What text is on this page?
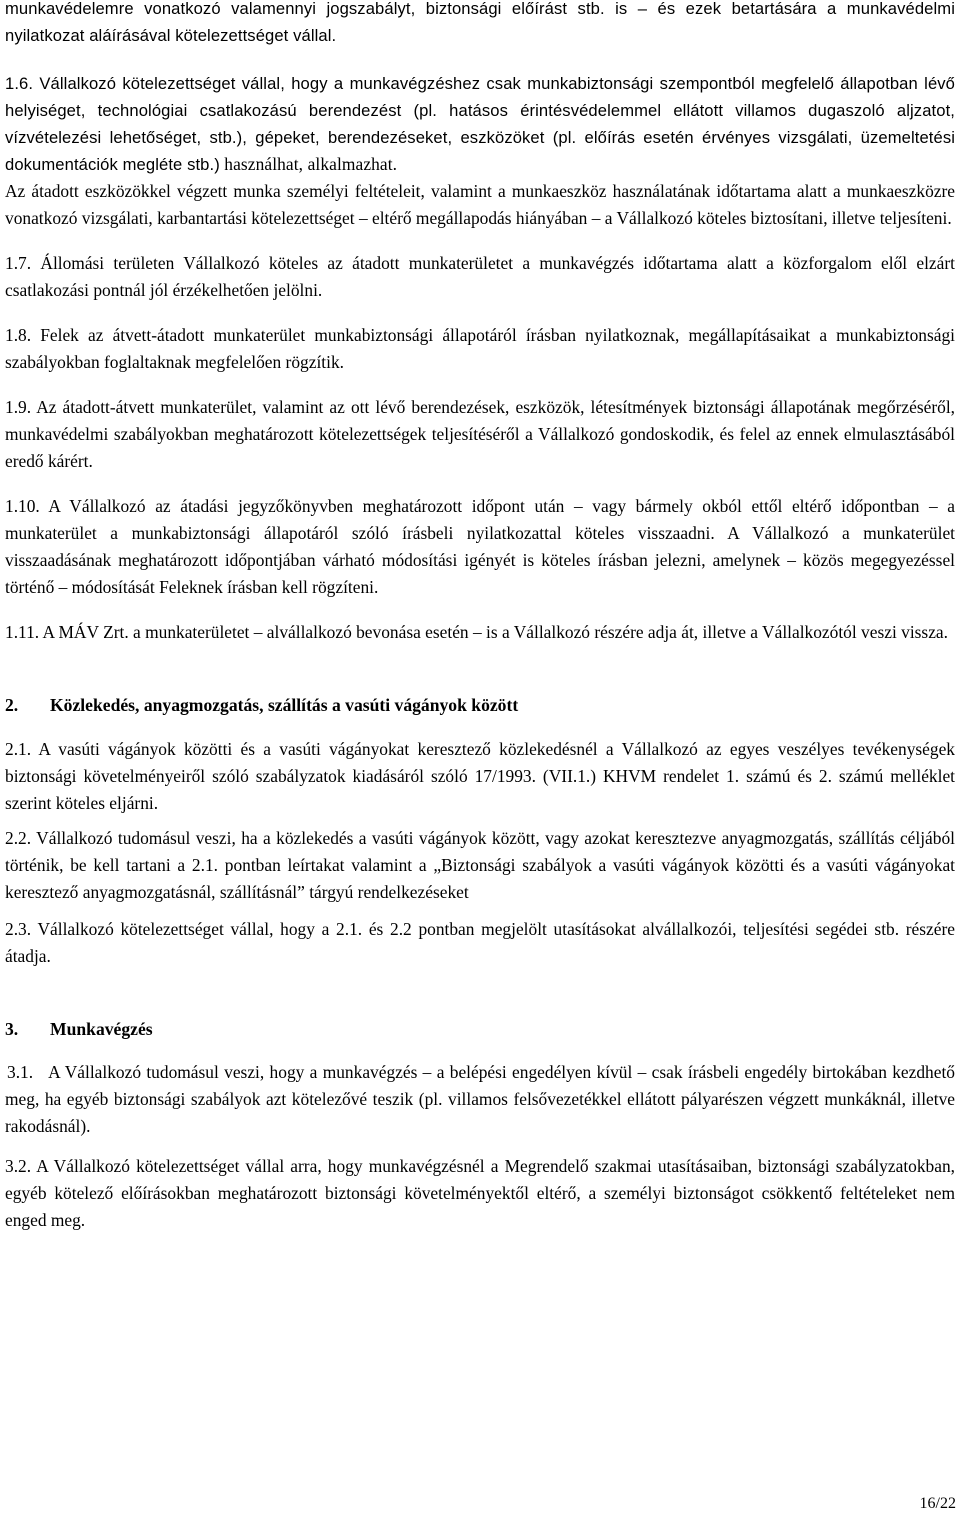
munkavédelemre vonatkozó valamennyi jogszabályt, biztonsági előírást stb. is – és ezek betartására a munkavédelmi nyilatkozat aláírásával kötelezettséget vállal.

1.6. Vállalkozó kötelezettséget vállal, hogy a munkavégzéshez csak munkabiztonsági szempontból megfelelő állapotban lévő helyiséget, technológiai csatlakozású berendezést (pl. hatásos érintésvédelemmel ellátott villamos dugaszoló aljzatot, vízvételezési lehetőséget, stb.), gépeket, berendezéseket, eszközöket (pl. előírás esetén érvényes vizsgálati, üzemeltetési dokumentációk megléte stb.) használhat, alkalmazhat.

Az átadott eszközökkel végzett munka személyi feltételeit, valamint a munkaeszköz használatának időtartama alatt a munkaeszközre vonatkozó vizsgálati, karbantartási kötelezettséget – eltérő megállapodás hiányában – a Vállalkozó köteles biztosítani, illetve teljesíteni.

1.7. Állomási területen Vállalkozó köteles az átadott munkaterületet a munkavégzés időtartama alatt a közforgalom elől elzárt csatlakozási pontnál jól érzékelhetően jelölni.

1.8. Felek az átvett-átadott munkaterület munkabiztonsági állapotáról írásban nyilatkoznak, megállapításaikat a munkabiztonsági szabályokban foglaltaknak megfelelően rögzítik.

1.9. Az átadott-átvett munkaterület, valamint az ott lévő berendezések, eszközök, létesítmények biztonsági állapotának megőrzéséről, munkavédelmi szabályokban meghatározott kötelezettségek teljesítéséről a Vállalkozó gondoskodik, és felel az ennek elmulasztásából eredő kárért.

1.10. A Vállalkozó az átadási jegyzőkönyvben meghatározott időpont után – vagy bármely okból ettől eltérő időpontban – a munkaterület a munkabiztonsági állapotáról szóló írásbeli nyilatkozattal köteles visszaadni. A Vállalkozó a munkaterület visszaadásának meghatározott időpontjában várható módosítási igényét is köteles írásban jelezni, amelynek – közös megegyezéssel történő – módosítását Feleknek írásban kell rögzíteni.

1.11. A MÁV Zrt. a munkaterületet – alvállalkozó bevonása esetén – is a Vállalkozó részére adja át, illetve a Vállalkozótól veszi vissza.

2. Közlekedés, anyagmozgatás, szállítás a vasúti vágányok között

2.1. A vasúti vágányok közötti és a vasúti vágányokat keresztező közlekedésnél a Vállalkozó az egyes veszélyes tevékenységek biztonsági követelményeiről szóló szabályzatok kiadásáról szóló 17/1993. (VII.1.) KHVM rendelet 1. számú és 2. számú melléklet szerint köteles eljárni.

2.2. Vállalkozó tudomásul veszi, ha a közlekedés a vasúti vágányok között, vagy azokat keresztezve anyagmozgatás, szállítás céljából történik, be kell tartani a 2.1. pontban leírtakat valamint a „Biztonsági szabályok a vasúti vágányok közötti és a vasúti vágányokat keresztező anyagmozgatásnál, szállításnál” tárgyú rendelkezéseket

2.3. Vállalkozó kötelezettséget vállal, hogy a 2.1. és 2.2 pontban megjelölt utasításokat alvállalkozói, teljesítési segédei stb. részére átadja.

3. Munkavégzés

3.1.   A Vállalkozó tudomásul veszi, hogy a munkavégzés – a belépési engedélyen kívül – csak írásbeli engedély birtokában kezdhető meg, ha egyéb biztonsági szabályok azt kötelezővé teszik (pl. villamos felsővezetékkel ellátott pályarészen végzett munkáknál, illetve rakodásnál).

3.2. A Vállalkozó kötelezettséget vállal arra, hogy munkavégzésnél a Megrendelő szakmai utasításaiban, biztonsági szabályzatokban, egyéb kötelező előírásokban meghatározott biztonsági követelményektől eltérő, a személyi biztonságot csökkentő feltételeket nem enged meg.

16/22
